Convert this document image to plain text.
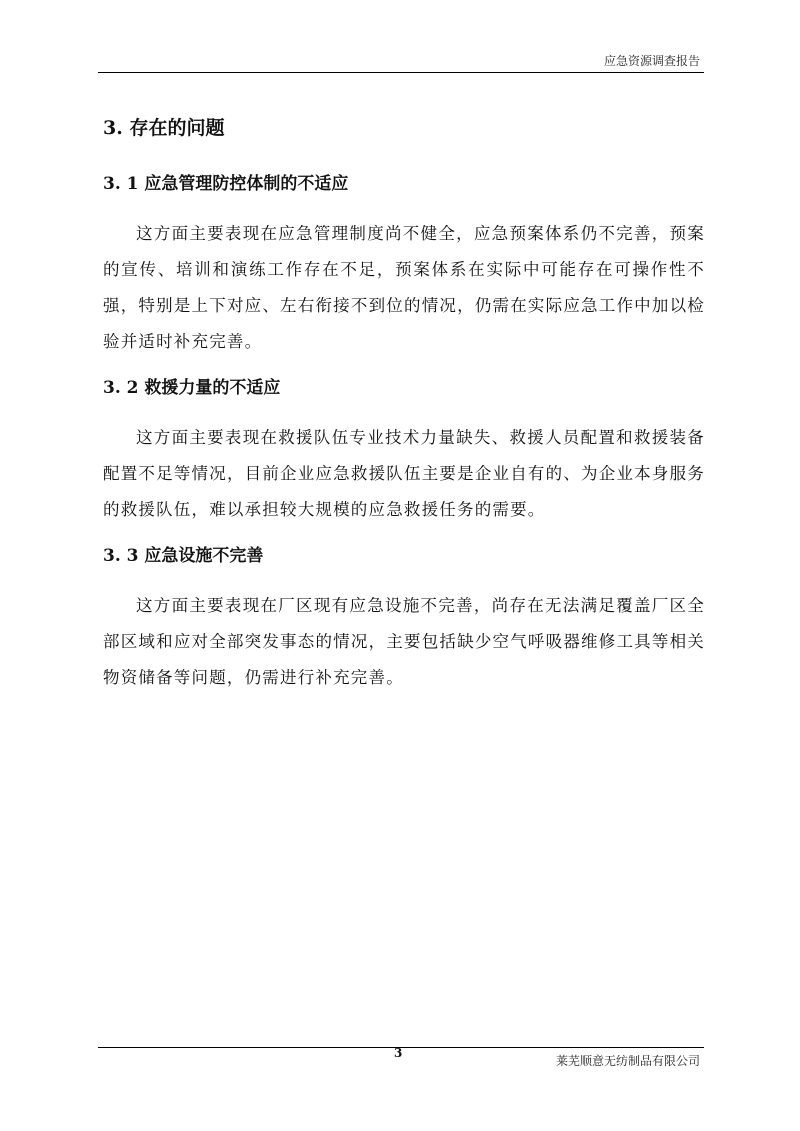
应急资源调查报告
3. 存在的问题
3. 1 应急管理防控体制的不适应

这方面主要表现在应急管理制度尚不健全，应急预案体系仍不完善，预案的宣传、培训和演练工作存在不足，预案体系在实际中可能存在可操作性不强，特别是上下对应、左右衔接不到位的情况，仍需在实际应急工作中加以检验并适时补充完善。

3. 2 救援力量的不适应

这方面主要表现在救援队伍专业技术力量缺失、救援人员配置和救援装备配置不足等情况，目前企业应急救援队伍主要是企业自有的、为企业本身服务的救援队伍，难以承担较大规模的应急救援任务的需要。

3. 3 应急设施不完善

这方面主要表现在厂区现有应急设施不完善，尚存在无法满足覆盖厂区全部区域和应对全部突发事态的情况，主要包括缺少空气呼吸器维修工具等相关物资储备等问题，仍需进行补充完善。

3
莱芜顺意无纺制品有限公司
